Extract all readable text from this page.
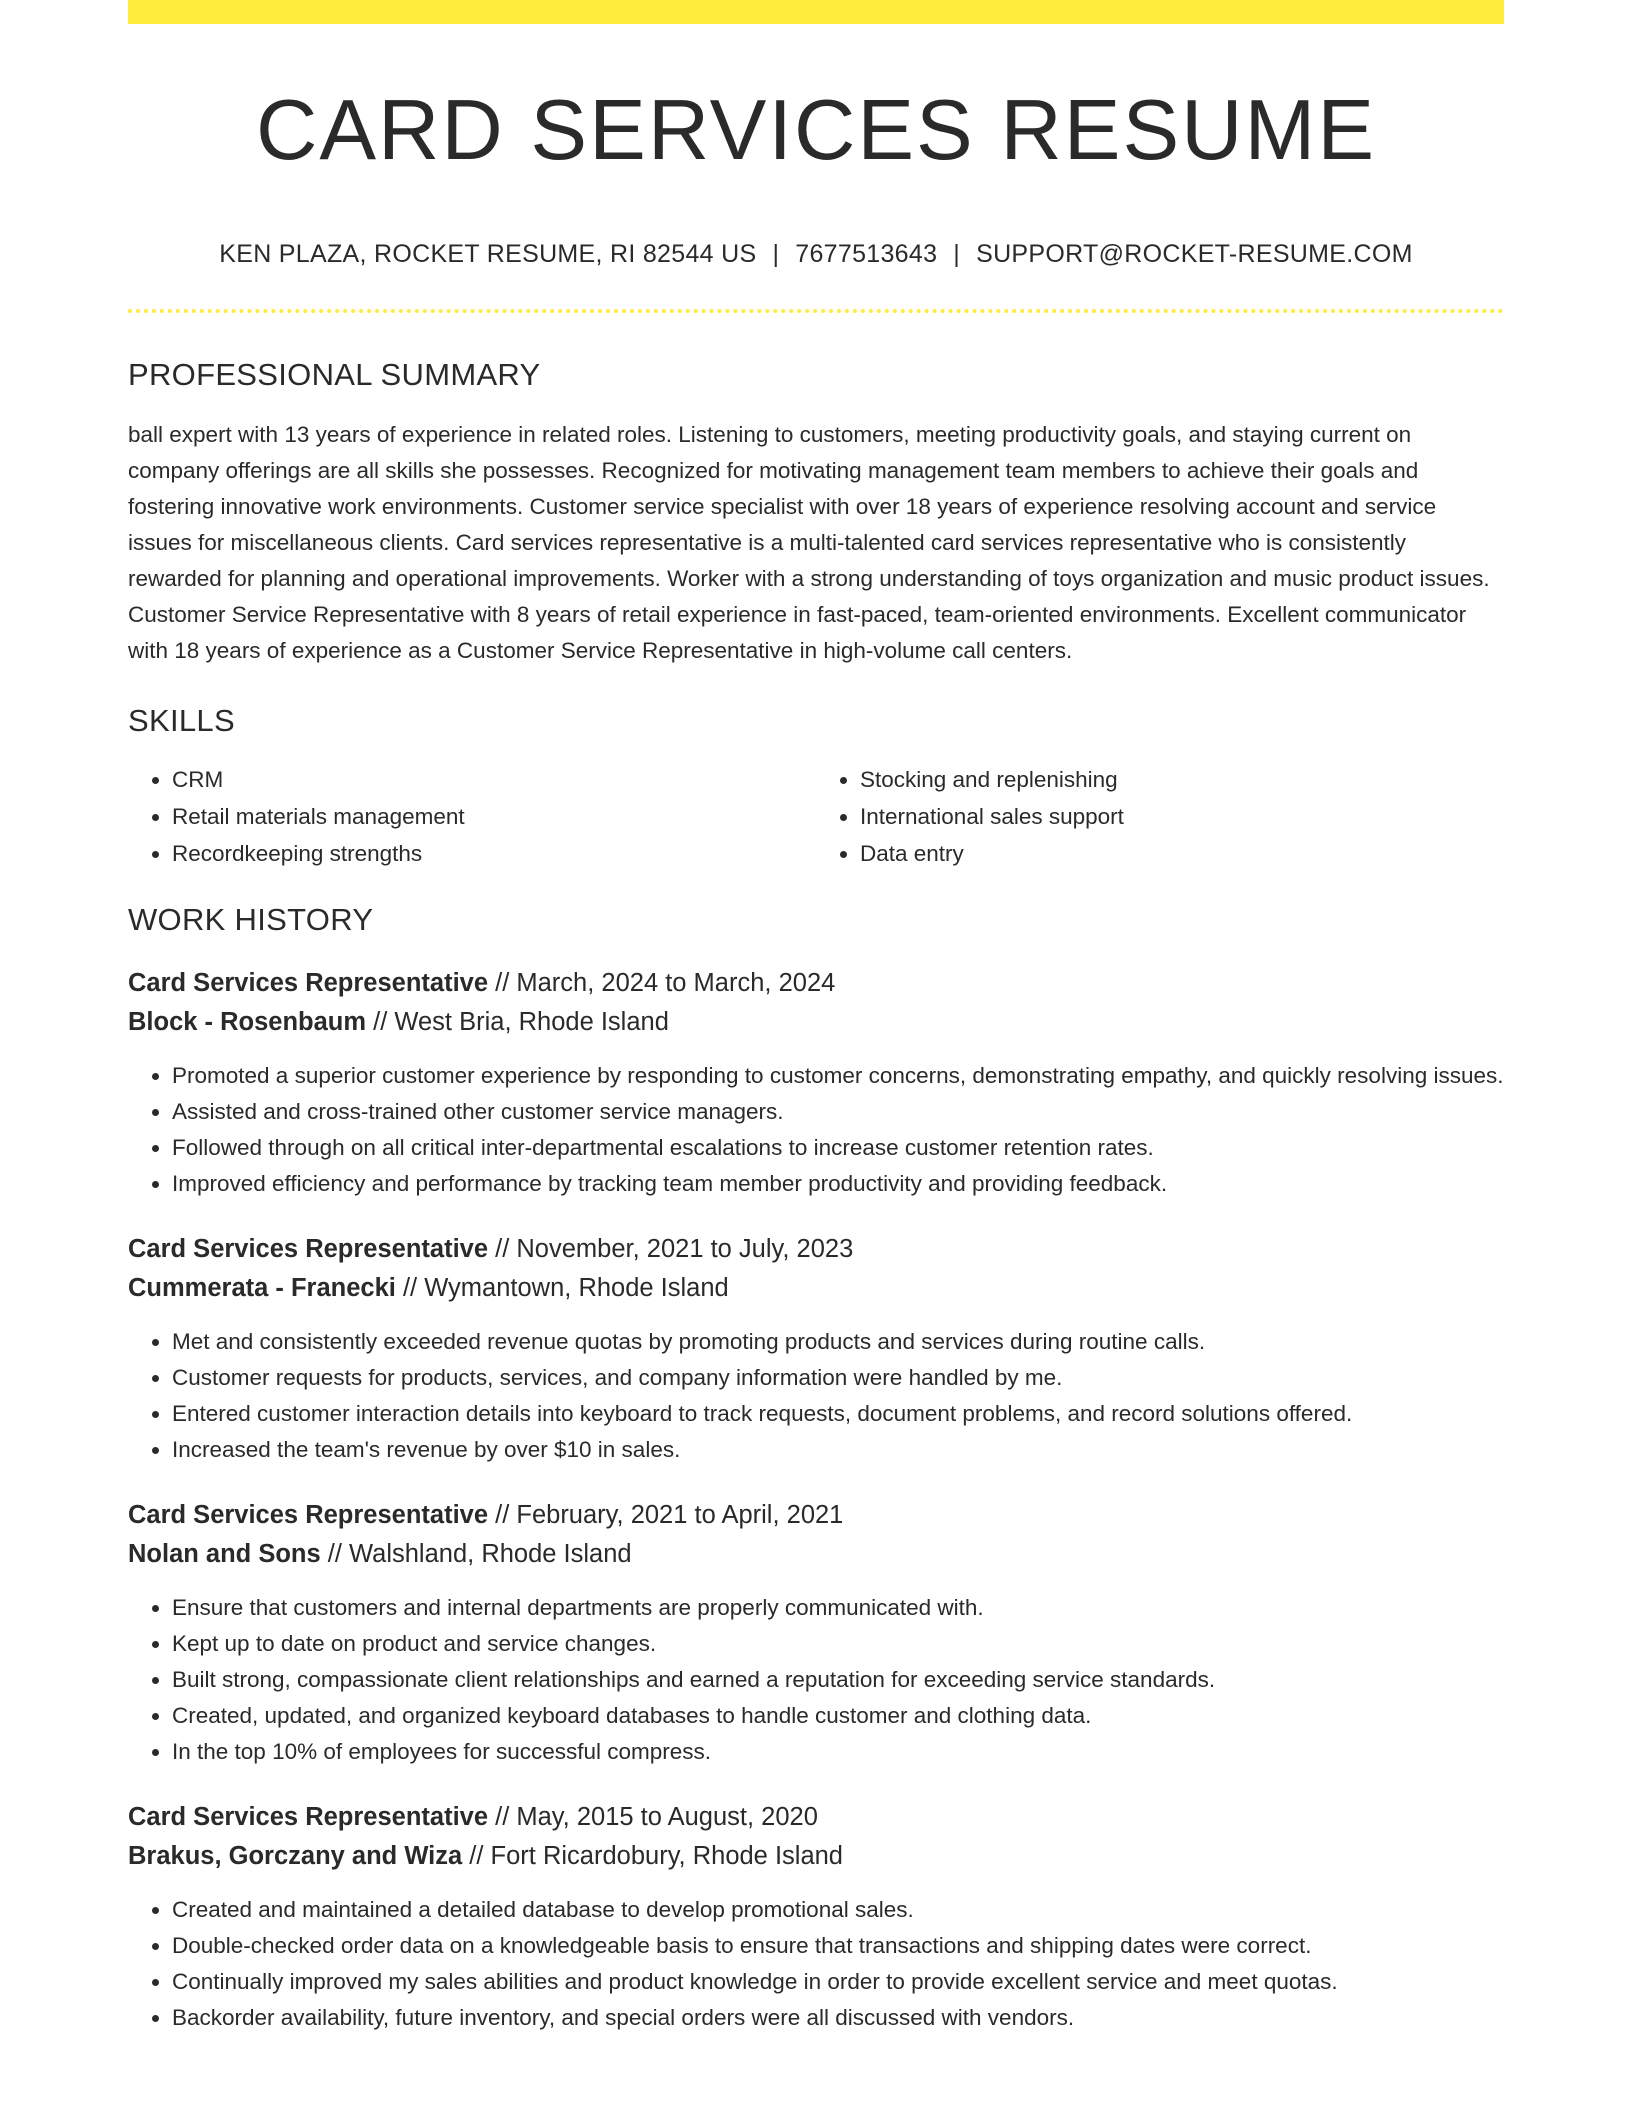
CARD SERVICES RESUME
KEN PLAZA, ROCKET RESUME, RI 82544 US | 7677513643 | SUPPORT@ROCKET-RESUME.COM
PROFESSIONAL SUMMARY
ball expert with 13 years of experience in related roles. Listening to customers, meeting productivity goals, and staying current on company offerings are all skills she possesses. Recognized for motivating management team members to achieve their goals and fostering innovative work environments. Customer service specialist with over 18 years of experience resolving account and service issues for miscellaneous clients. Card services representative is a multi-talented card services representative who is consistently rewarded for planning and operational improvements. Worker with a strong understanding of toys organization and music product issues. Customer Service Representative with 8 years of retail experience in fast-paced, team-oriented environments. Excellent communicator with 18 years of experience as a Customer Service Representative in high-volume call centers.
SKILLS
• CRM
• Retail materials management
• Recordkeeping strengths
• Stocking and replenishing
• International sales support
• Data entry
WORK HISTORY
Card Services Representative // March, 2024 to March, 2024
Block - Rosenbaum // West Bria, Rhode Island
• Promoted a superior customer experience by responding to customer concerns, demonstrating empathy, and quickly resolving issues.
• Assisted and cross-trained other customer service managers.
• Followed through on all critical inter-departmental escalations to increase customer retention rates.
• Improved efficiency and performance by tracking team member productivity and providing feedback.
Card Services Representative // November, 2021 to July, 2023
Cummerata - Franecki // Wymantown, Rhode Island
• Met and consistently exceeded revenue quotas by promoting products and services during routine calls.
• Customer requests for products, services, and company information were handled by me.
• Entered customer interaction details into keyboard to track requests, document problems, and record solutions offered.
• Increased the team's revenue by over $10 in sales.
Card Services Representative // February, 2021 to April, 2021
Nolan and Sons // Walshland, Rhode Island
• Ensure that customers and internal departments are properly communicated with.
• Kept up to date on product and service changes.
• Built strong, compassionate client relationships and earned a reputation for exceeding service standards.
• Created, updated, and organized keyboard databases to handle customer and clothing data.
• In the top 10% of employees for successful compress.
Card Services Representative // May, 2015 to August, 2020
Brakus, Gorczany and Wiza // Fort Ricardobury, Rhode Island
• Created and maintained a detailed database to develop promotional sales.
• Double-checked order data on a knowledgeable basis to ensure that transactions and shipping dates were correct.
• Continually improved my sales abilities and product knowledge in order to provide excellent service and meet quotas.
• Backorder availability, future inventory, and special orders were all discussed with vendors.
